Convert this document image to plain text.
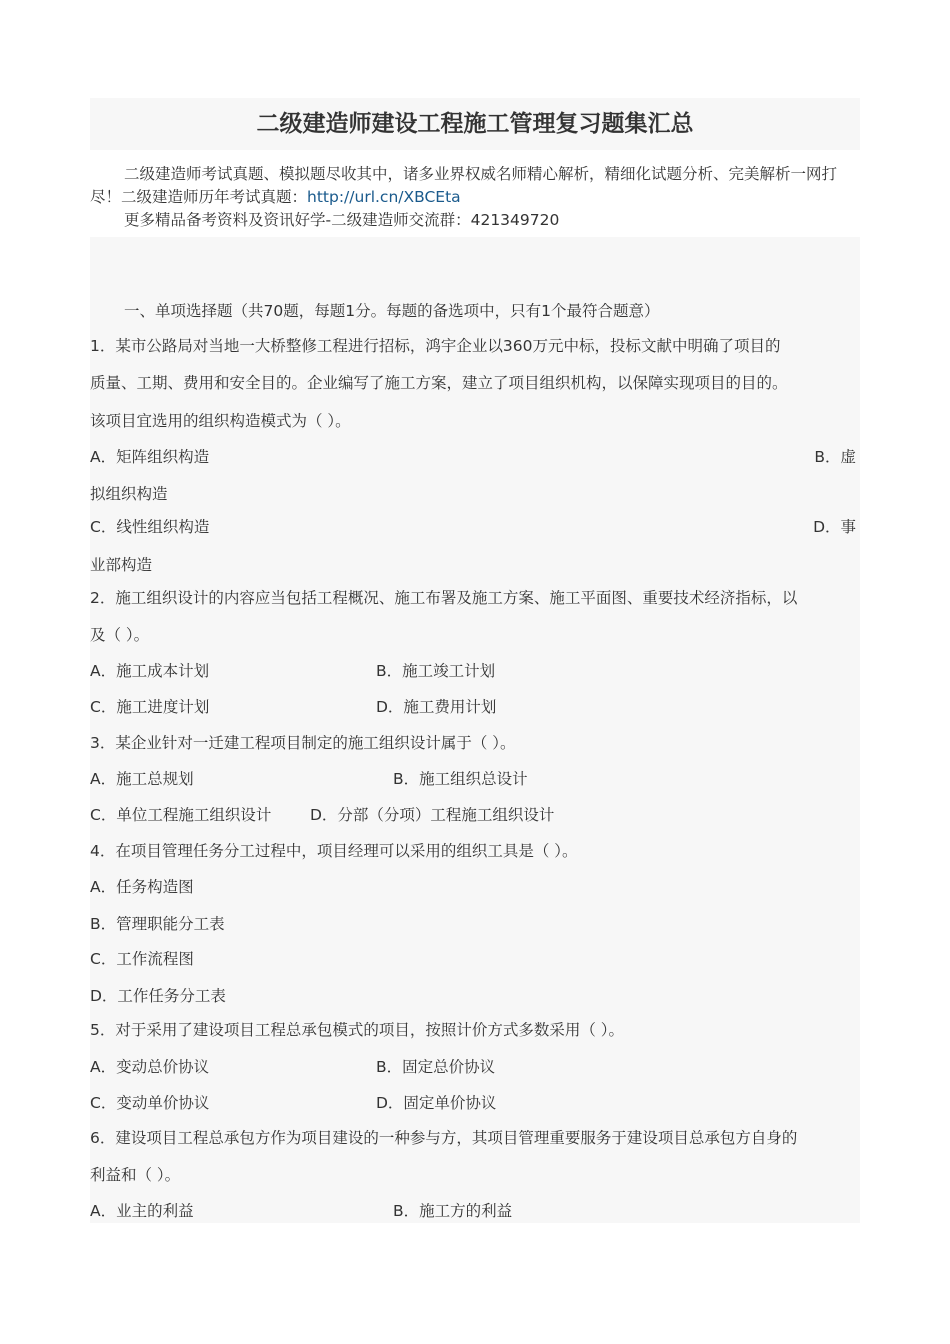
二级建造师建设工程施工管理复习题集汇总

二级建造师考试真题、模拟题尽收其中，诸多业界权威名师精心解析，精细化试题分析、完美解析一网打尽！二级建造师历年考试真题：http://url.cn/XBCEta

更多精品备考资料及资讯好学-二级建造师交流群：421349720

一、单项选择题（共70题，每题1分。每题的备选项中，只有1个最符合题意）
1．某市公路局对当地一大桥整修工程进行招标，鸿宇企业以360万元中标，投标文献中明确了项目的
质量、工期、费用和安全目的。企业编写了施工方案，建立了项目组织机构，以保障实现项目的目的。
该项目宜选用的组织构造模式为（ ）。
A．矩阵组织构造	B．虚
拟组织构造
C．线性组织构造	D．事
业部构造
2．施工组织设计的内容应当包括工程概况、施工布署及施工方案、施工平面图、重要技术经济指标，以
及（ ）。
A．施工成本计划	B．施工竣工计划
C．施工进度计划	D．施工费用计划
3．某企业针对一迁建工程项目制定的施工组织设计属于（ ）。
A．施工总规划	B．施工组织总设计
C．单位工程施工组织设计 D．分部（分项）工程施工组织设计
4．在项目管理任务分工过程中，项目经理可以采用的组织工具是（ ）。
A．任务构造图
B．管理职能分工表
C．工作流程图
D．工作任务分工表
5．对于采用了建设项目工程总承包模式的项目，按照计价方式多数采用（ ）。
A．变动总价协议	B．固定总价协议
C．变动单价协议	D．固定单价协议
6．建设项目工程总承包方作为项目建设的一种参与方，其项目管理重要服务于建设项目总承包方自身的
利益和（ ）。
A．业主的利益	B．施工方的利益
